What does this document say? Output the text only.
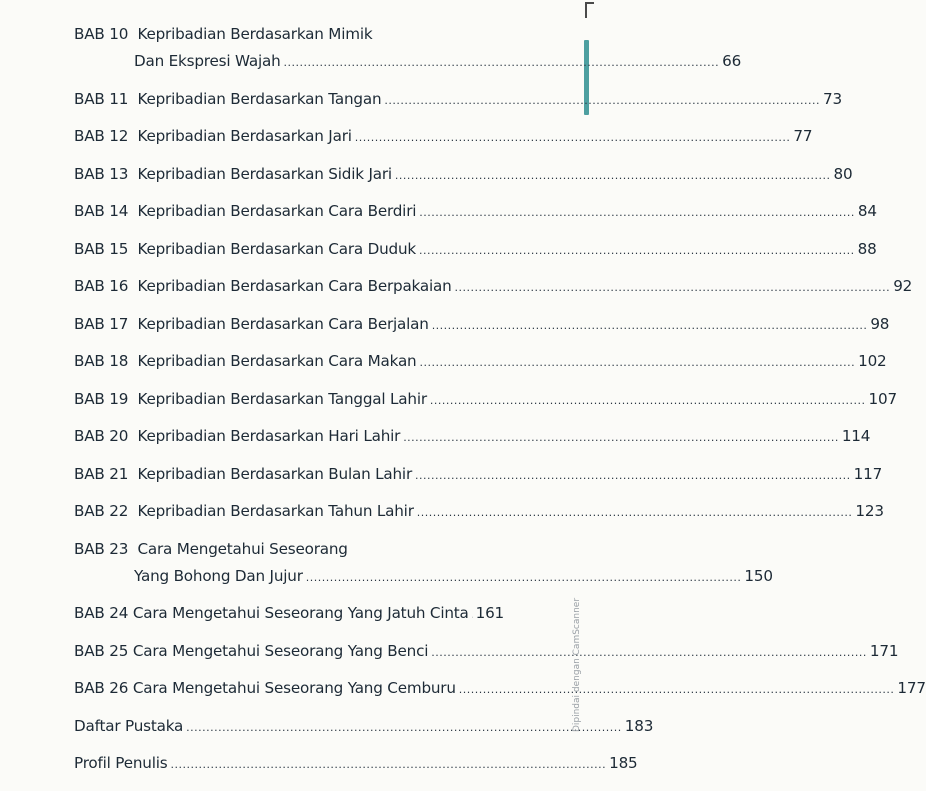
BAB 10
Kepribadian Berdasarkan Mimik
Dan Ekspresi Wajah ............................................................................................................. 66
BAB 11
Kepribadian Berdasarkan Tangan ............................................................................................................. 73
BAB 12
Kepribadian Berdasarkan Jari ............................................................................................................. 77
BAB 13
Kepribadian Berdasarkan Sidik Jari ............................................................................................................. 80
BAB 14
Kepribadian Berdasarkan Cara Berdiri ............................................................................................................. 84
BAB 15
Kepribadian Berdasarkan Cara Duduk ............................................................................................................. 88
BAB 16
Kepribadian Berdasarkan Cara Berpakaian ............................................................................................................. 92
BAB 17
Kepribadian Berdasarkan Cara Berjalan ............................................................................................................. 98
BAB 18
Kepribadian Berdasarkan Cara Makan ............................................................................................................. 102
BAB 19
Kepribadian Berdasarkan Tanggal Lahir ............................................................................................................. 107
BAB 20
Kepribadian Berdasarkan Hari Lahir ............................................................................................................. 114
BAB 21
Kepribadian Berdasarkan Bulan Lahir ............................................................................................................. 117
BAB 22
Kepribadian Berdasarkan Tahun Lahir ............................................................................................................. 123
BAB 23
Cara Mengetahui Seseorang
Yang Bohong Dan Jujur ............................................................................................................. 150
BAB 24
Cara Mengetahui Seseorang Yang Jatuh Cinta 161
BAB 25
Cara Mengetahui Seseorang Yang Benci ............................................................................................................. 171
BAB 26
Cara Mengetahui Seseorang Yang Cemburu ............................................................................................................. 177
Daftar Pustaka ............................................................................................................. 183
Profil Penulis ............................................................................................................. 185
Dipindai dengan CamScanner
